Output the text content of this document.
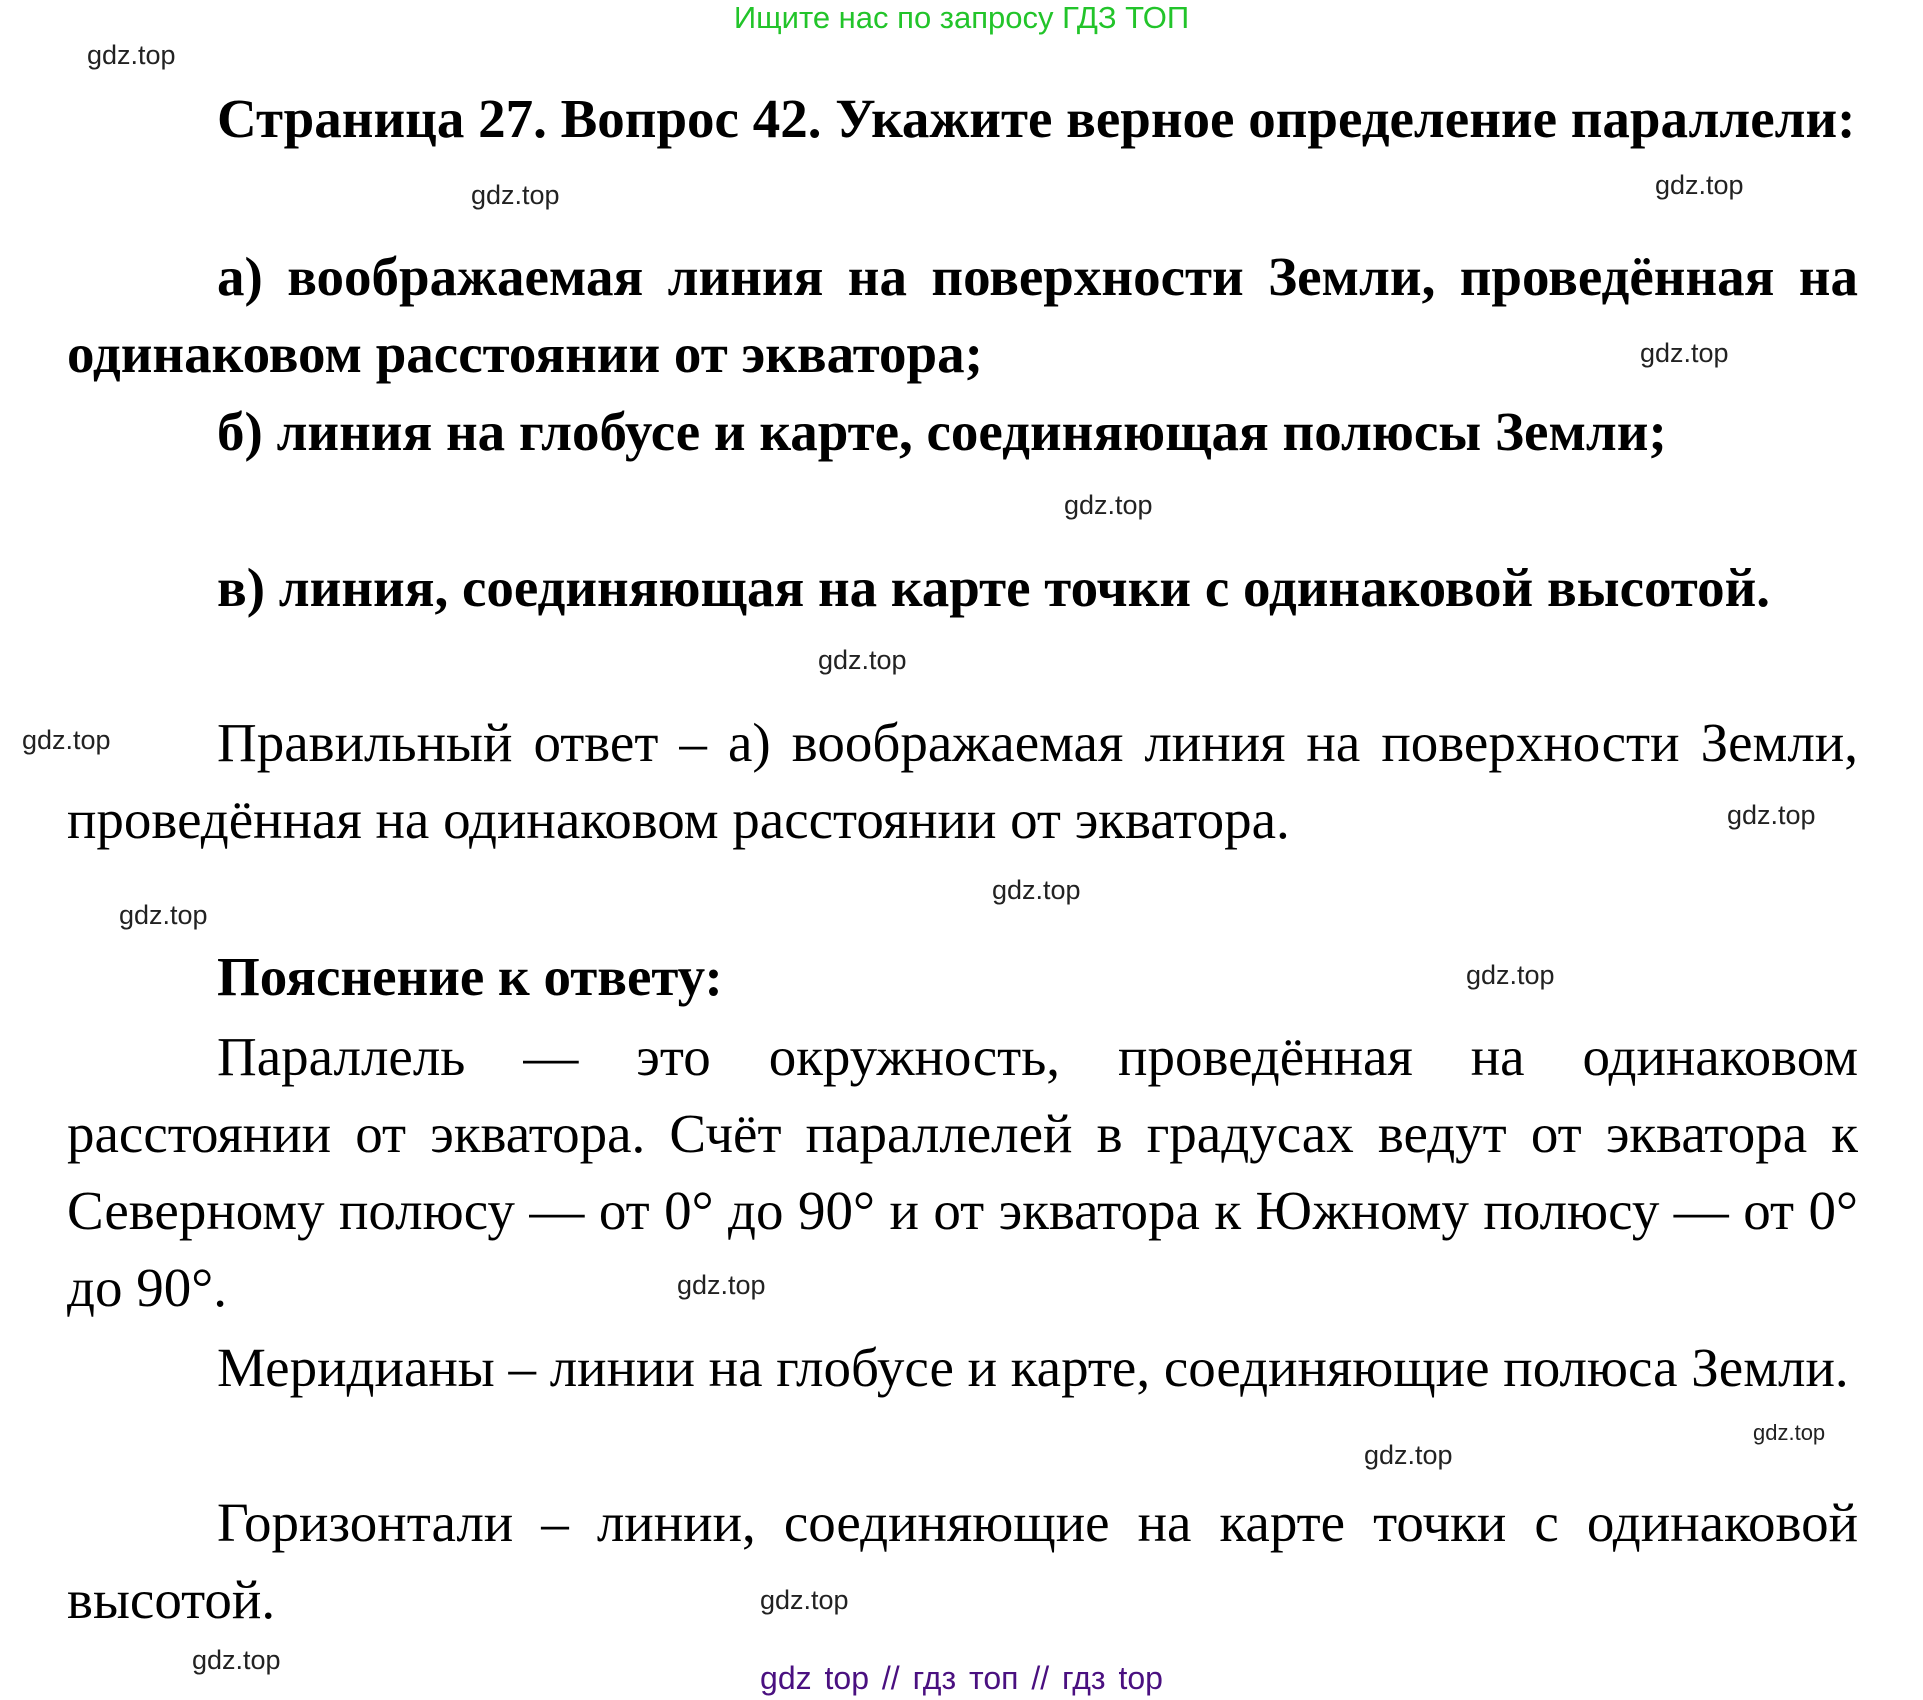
Ищите нас по запросу ГДЗ ТОП

Страница 27. Вопрос 42. Укажите верное определение параллели:

а) воображаемая линия на поверхности Земли, проведённая на одинаковом расстоянии от экватора;

б) линия на глобусе и карте, соединяющая полюсы Земли;

в) линия, соединяющая на карте точки с одинаковой высотой.

Правильный ответ – а) воображаемая линия на поверхности Земли, проведённая на одинаковом расстоянии от экватора.

Пояснение к ответу:

Параллель — это окружность, проведённая на одинаковом расстоянии от экватора. Счёт параллелей в градусах ведут от экватора к Северному полюсу — от 0° до 90° и от экватора к Южному полюсу — от 0° до 90°.

Меридианы – линии на глобусе и карте, соединяющие полюса Земли.

Горизонтали – линии, соединяющие на карте точки с одинаковой высотой.

gdz.top
gdz.top
gdz.top
gdz.top
gdz.top
gdz.top
gdz.top
gdz.top
gdz.top
gdz.top
gdz.top
gdz.top
gdz.top
gdz.top
gdz.top
gdz.top	gdz top // гдз топ // гдз top
